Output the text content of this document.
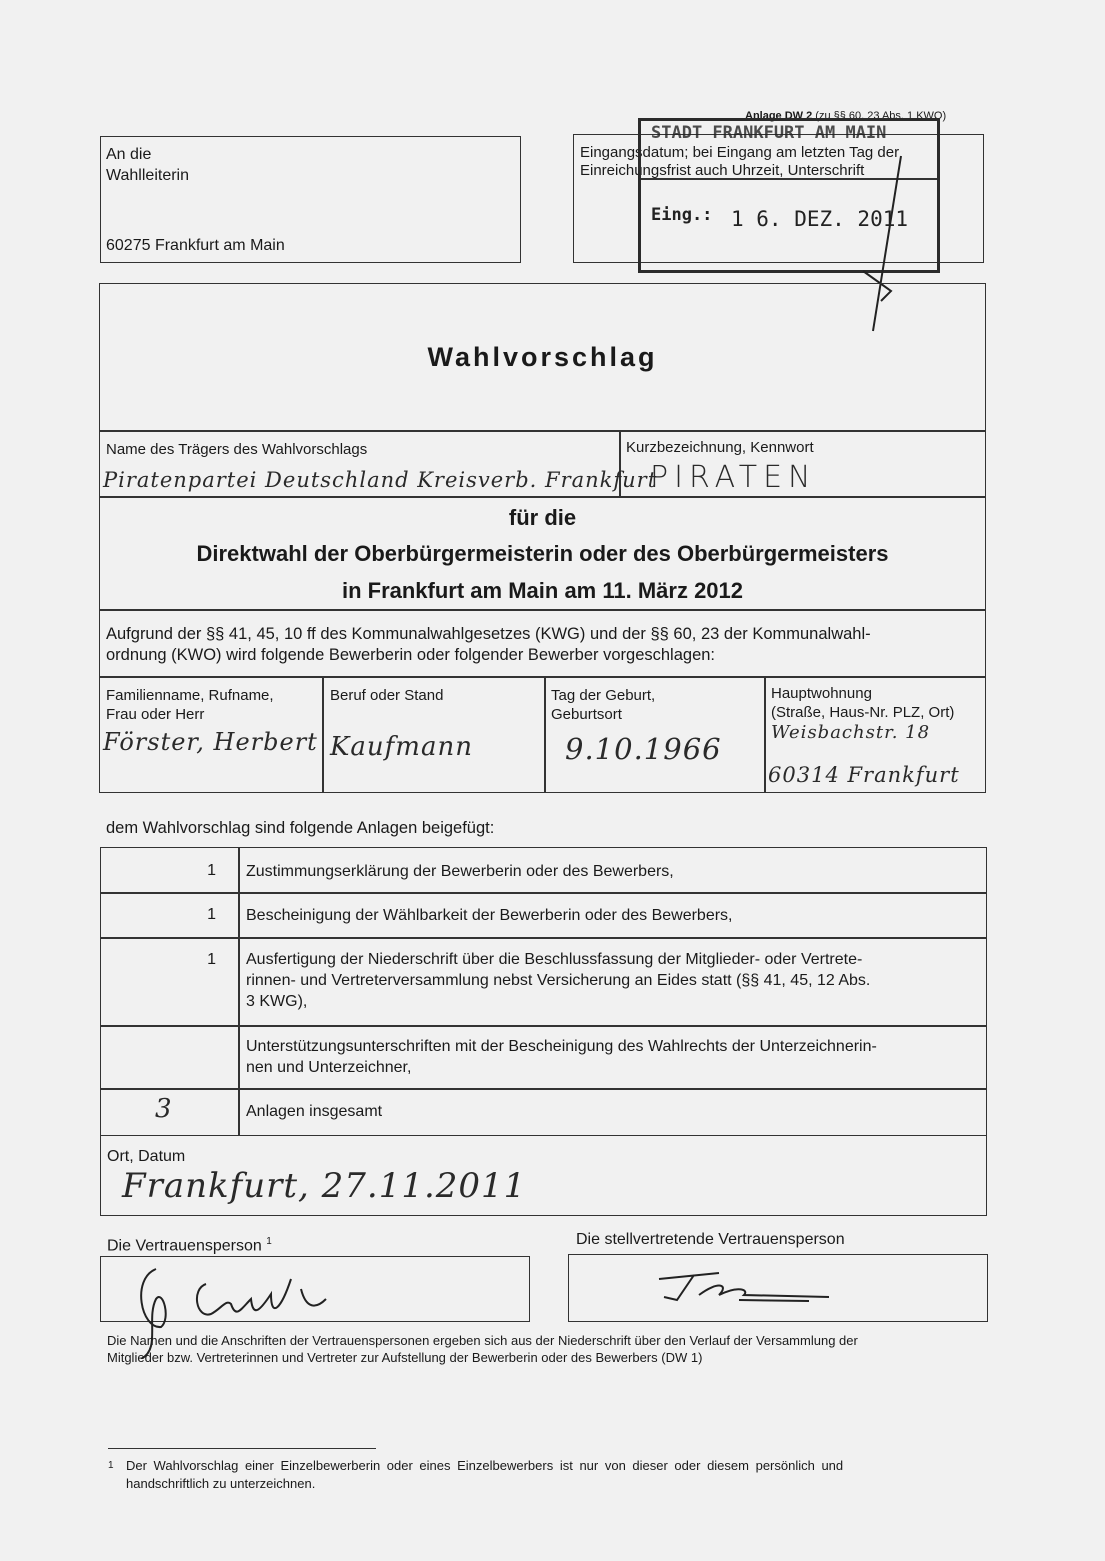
Anlage DW 2 (zu §§ 60, 23 Abs. 1 KWO)
An die
Wahlleiterin
60275 Frankfurt am Main
Eingangsdatum; bei Eingang am letzten Tag der
Einreichungsfrist auch Uhrzeit, Unterschrift
STADT FRANKFURT AM MAIN
Eing.: 1 6. DEZ. 2011
Wahlvorschlag
Name des Trägers des Wahlvorschlags
Piratenpartei Deutschland Kreisverb. Frankfurt
Kurzbezeichnung, Kennwort
PIRATEN
für die
Direktwahl der Oberbürgermeisterin oder des Oberbürgermeisters
in Frankfurt am Main am 11. März 2012
Aufgrund der §§ 41, 45, 10 ff des Kommunalwahlgesetzes (KWG) und der §§ 60, 23 der Kommunalwahl-
ordnung (KWO) wird folgende Bewerberin oder folgender Bewerber vorgeschlagen:
Familienname, Rufname,
Frau oder Herr
Förster, Herbert
Beruf oder Stand
Kaufmann
Tag der Geburt,
Geburtsort
9.10.1966
Hauptwohnung
(Straße, Haus-Nr. PLZ, Ort)
Weisbachstr. 18
60314 Frankfurt
dem Wahlvorschlag sind folgende Anlagen beigefügt:
1 Zustimmungserklärung der Bewerberin oder des Bewerbers,
1 Bescheinigung der Wählbarkeit der Bewerberin oder des Bewerbers,
1 Ausfertigung der Niederschrift über die Beschlussfassung der Mitglieder- oder Vertrete-
rinnen- und Vertreterversammlung nebst Versicherung an Eides statt (§§ 41, 45, 12 Abs.
3 KWG),
Unterstützungsunterschriften mit der Bescheinigung des Wahlrechts der Unterzeichnerin-
nen und Unterzeichner,
3	Anlagen insgesamt
Ort, Datum
Frankfurt, 27.11.2011
Die Vertrauensperson $^1$	Die stellvertretende Vertrauensperson
Die Namen und die Anschriften der Vertrauenspersonen ergeben sich aus der Niederschrift über den Verlauf der Versammlung der
Mitglieder bzw. Vertreterinnen und Vertreter zur Aufstellung der Bewerberin oder des Bewerbers (DW 1)
1 Der Wahlvorschlag einer Einzelbewerberin oder eines Einzelbewerbers ist nur von dieser oder diesem persönlich und
handschriftlich zu unterzeichnen.
